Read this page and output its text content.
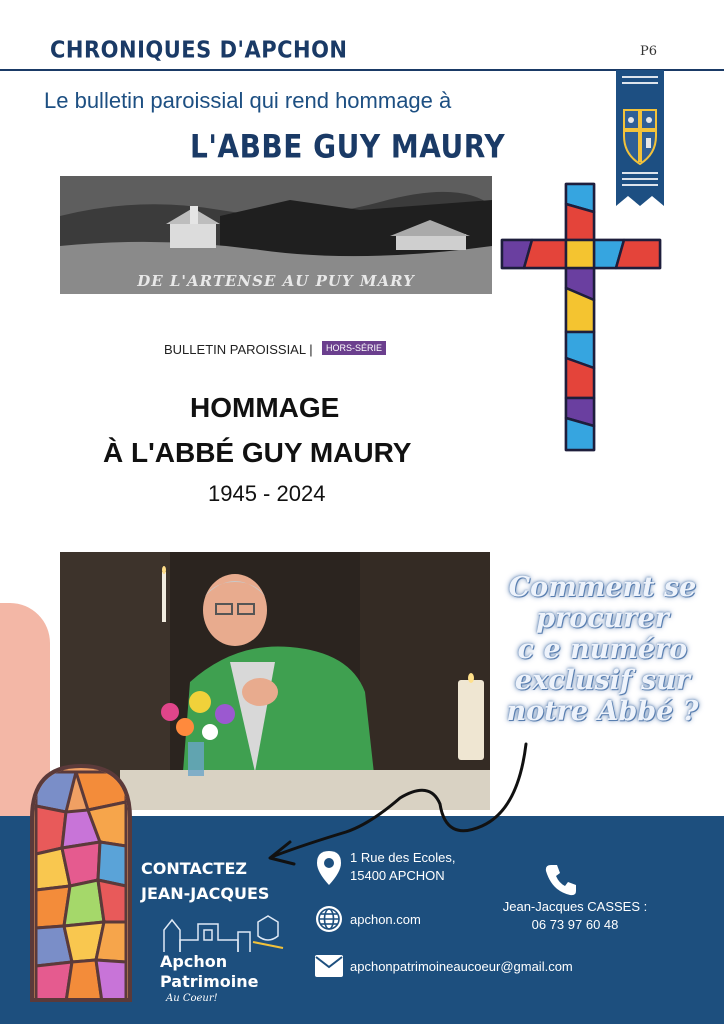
CHRONIQUES D'APCHON	P6
Le bulletin paroissial qui rend hommage à
L'ABBE GUY MAURY
DE L'ARTENSE AU PUY MARY
BULLETIN PAROISSIAL |	HORS-SÉRIE
HOMMAGE
À L'ABBÉ GUY MAURY
1945 - 2024
Comment se
procurer
c e numéro
exclusif sur
notre Abbé ?
CONTACTEZ
JEAN-JACQUES
Apchon
Patrimoine
Au Coeur!
1 Rue des Ecoles,
15400 APCHON
apchon.com
apchonpatrimoineaucoeur@gmail.com
Jean-Jacques CASSES :
06 73 97 60 48
